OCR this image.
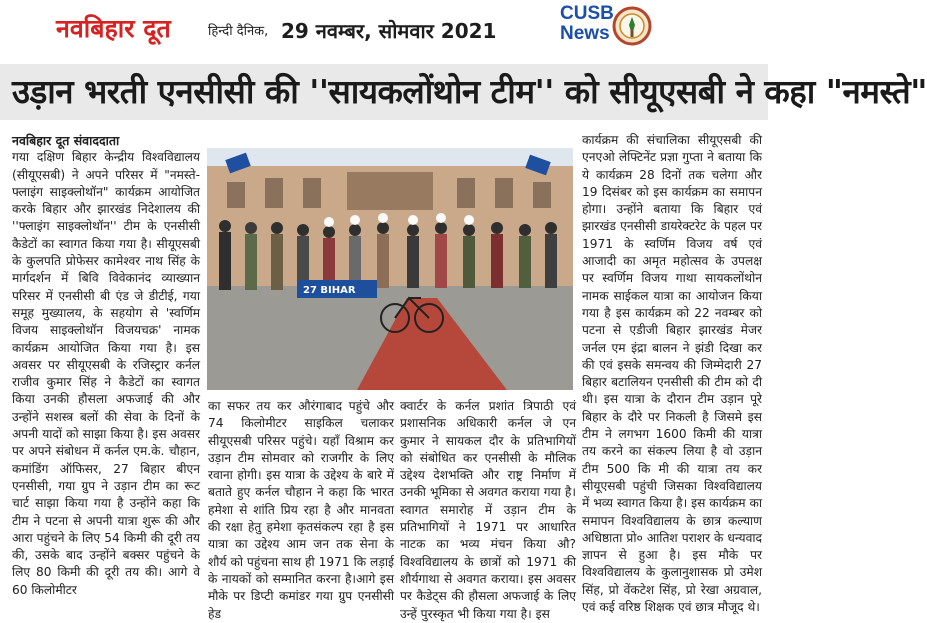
नवबिहार दूत	हिन्दी दैनिक, 29 नवम्बर, सोमवार 2021
CUSB
News
उड़ान भरती एनसीसी की ''सायकलोंथोन टीम'' को सीयूएसबी ने कहा "नमस्ते"

नवबिहार दूत संवाददाता

गया दक्षिण बिहार केन्द्रीय विश्वविद्यालय (सीयूएसबी) ने अपने परिसर में "नमस्ते-फ्लाइंग साइक्लोथॉन" कार्यक्रम आयोजित करके बिहार और झारखंड निदेशालय की ''फ्लाइंग साइक्लोथॉन'' टीम के एनसीसी कैडेटों का स्वागत किया गया है। सीयूएसबी के कुलपति प्रोफेसर कामेश्वर नाथ सिंह के मार्गदर्शन में बिवि विवेकानंद व्याख्यान परिसर में एनसीसी बी एंड जे डीटीई, गया समूह मुख्यालय, के सहयोग से 'स्वर्णिम विजय साइक्लोथॉन विजयचक्र' नामक कार्यक्रम आयोजित किया गया है। इस अवसर पर सीयूएसबी के रजिस्ट्रार कर्नल राजीव कुमार सिंह ने कैडेटों का स्वागत किया उनकी हौसला अफजाई की और उन्होंने सशस्त्र बलों की सेवा के दिनों के अपनी यादों को साझा किया है। इस अवसर पर अपने संबोधन में कर्नल एम.के. चौहान, कमांडिंग ऑफिसर, 27 बिहार बीएन एनसीसी, गया ग्रुप ने उड़ान टीम का रूट चार्ट साझा किया गया है उन्होंने कहा कि टीम ने पटना से अपनी यात्रा शुरू की और आरा पहुंचने के लिए 54 किमी की दूरी तय की, उसके बाद उन्होंने बक्सर पहुंचने के लिए 80 किमी की दूरी तय की। आगे वे 60 किलोमीटर

27 BIHAR

का सफर तय कर औरंगाबाद पहुंचे और 74 किलोमीटर साइकिल चलाकर सीयूएसबी परिसर पहुंचे। यहाँ विश्राम कर उड़ान टीम सोमवार को राजगीर के लिए रवाना होगी। इस यात्रा के उद्देश्य के बारे में बताते हुए कर्नल चौहान ने कहा कि भारत हमेशा से शांति प्रिय रहा है और मानवता की रक्षा हेतु हमेशा कृतसंकल्प रहा है इस यात्रा का उद्देश्य आम जन तक सेना के शौर्य को पहुंचना साथ ही 1971 कि लड़ाई के नायकों को सम्मानित करना है।आगे इस मौके पर डिप्टी कमांडर गया ग्रुप एनसीसी हेड

क्वार्टर के कर्नल प्रशांत त्रिपाठी एवं प्रशासनिक अधिकारी कर्नल जे एन कुमार ने सायकल दौर के प्रतिभागियों को संबोधित कर एनसीसी के मौलिक उद्देश्य देशभक्ति और राष्ट्र निर्माण में उनकी भूमिका से अवगत कराया गया है। स्वागत समारोह में उड़ान टीम के प्रतिभागियों ने 1971 पर आधारित नाटक का भव्य मंचन किया औ? विश्वविद्यालय के छात्रों को 1971 की शौर्यगाथा से अवगत कराया। इस अवसर पर कैडेट्स की हौसला अफजाई के लिए उन्हें पुरस्कृत भी किया गया है। इस

कार्यक्रम की संचालिका सीयूएसबी की एनएओ लेफ्टिनेंट प्रज्ञा गुप्ता ने बताया कि ये कार्यक्रम 28 दिनों तक चलेगा और 19 दिसंबर को इस कार्यक्रम का समापन होगा। उन्होंने बताया कि बिहार एवं झारखंड एनसीसी डायरेक्टरेट के पहल पर 1971 के स्वर्णिम विजय वर्ष एवं आजादी का अमृत महोत्सव के उपलक्ष पर स्वर्णिम विजय गाथा सायकलोंथोन नामक साईकल यात्रा का आयोजन किया गया है इस कार्यक्रम को 22 नवम्बर को पटना से एडीजी बिहार झारखंड मेजर जर्नल एम इंद्रा बालन ने झंडी दिखा कर की एवं इसके समन्वय की जिम्मेदारी 27 बिहार बटालियन एनसीसी की टीम को दी थी। इस यात्रा के दौरान टीम उड़ान पूरे बिहार के दौरे पर निकली है जिसमे इस टीम ने लगभग 1600 किमी की यात्रा तय करने का संकल्प लिया है वो उड़ान टीम 500 कि मी की यात्रा तय कर सीयूएसबी पहुंची जिसका विश्वविद्यालय में भव्य स्वागत किया है। इस कार्यक्रम का समापन विश्वविद्यालय के छात्र कल्याण अधिष्ठाता प्रो० आतिश पराशर के धन्यवाद ज्ञापन से हुआ है। इस मौके पर विश्वविद्यालय के कुलानुशासक प्रो उमेश सिंह, प्रो वेंकटेश सिंह, प्रो रेखा अग्रवाल, एवं कई वरिष्ठ शिक्षक एवं छात्र मौजूद थे।
